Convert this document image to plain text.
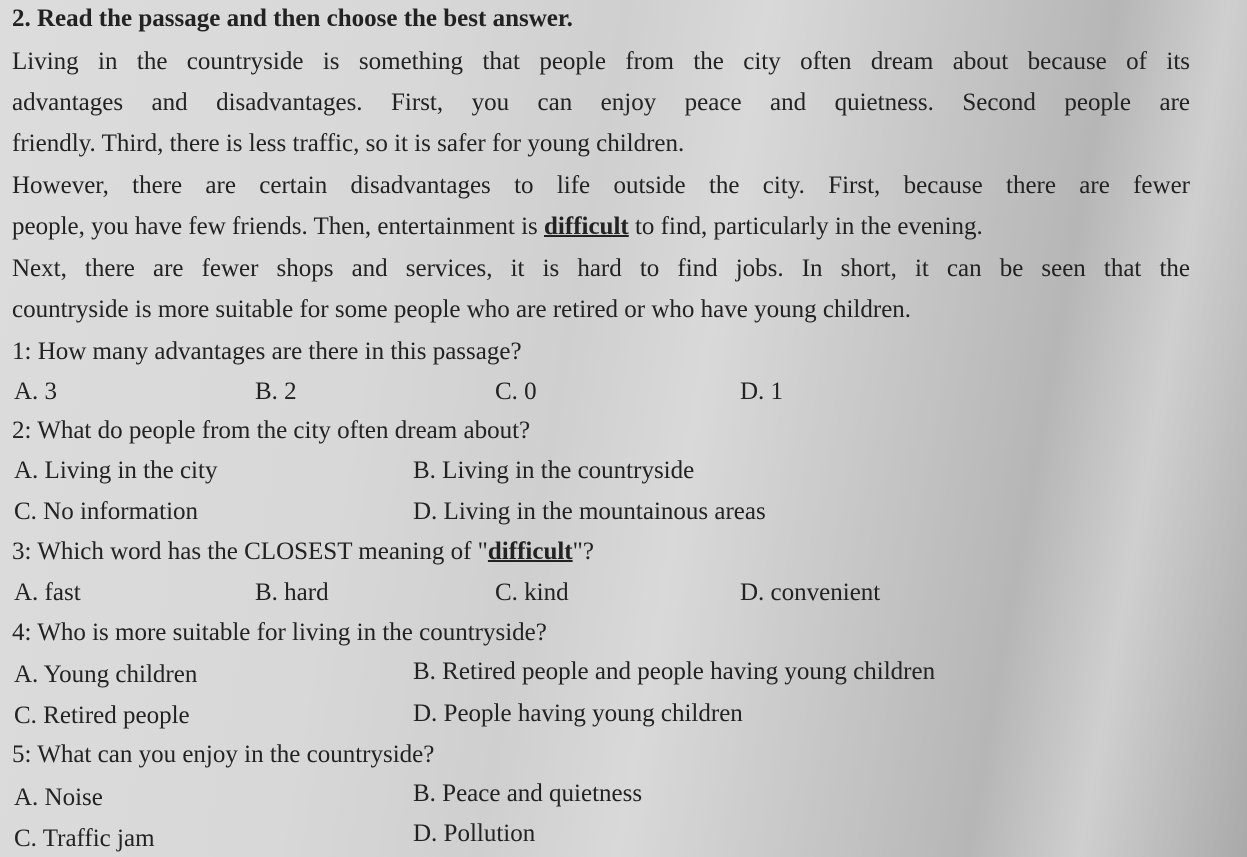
2. Read the passage and then choose the best answer.
Living in the countryside is something that people from the city often dream about because of its
advantages and disadvantages. First, you can enjoy peace and quietness. Second people are
friendly. Third, there is less traffic, so it is safer for young children.
However, there are certain disadvantages to life outside the city. First, because there are fewer
people, you have few friends. Then, entertainment is difficult to find, particularly in the evening.
Next, there are fewer shops and services, it is hard to find jobs. In short, it can be seen that the
countryside is more suitable for some people who are retired or who have young children.
1: How many advantages are there in this passage?
A. 3	B. 2	C. 0	D. 1
2: What do people from the city often dream about?
A. Living in the city	B. Living in the countryside
C. No information	D. Living in the mountainous areas
3: Which word has the CLOSEST meaning of "difficult"?
A. fast	B. hard	C. kind	D. convenient
4: Who is more suitable for living in the countryside?
A. Young children	B. Retired people and people having young children
C. Retired people	D. People having young children
5: What can you enjoy in the countryside?
A. Noise	B. Peace and quietness
C. Traffic jam	D. Pollution
